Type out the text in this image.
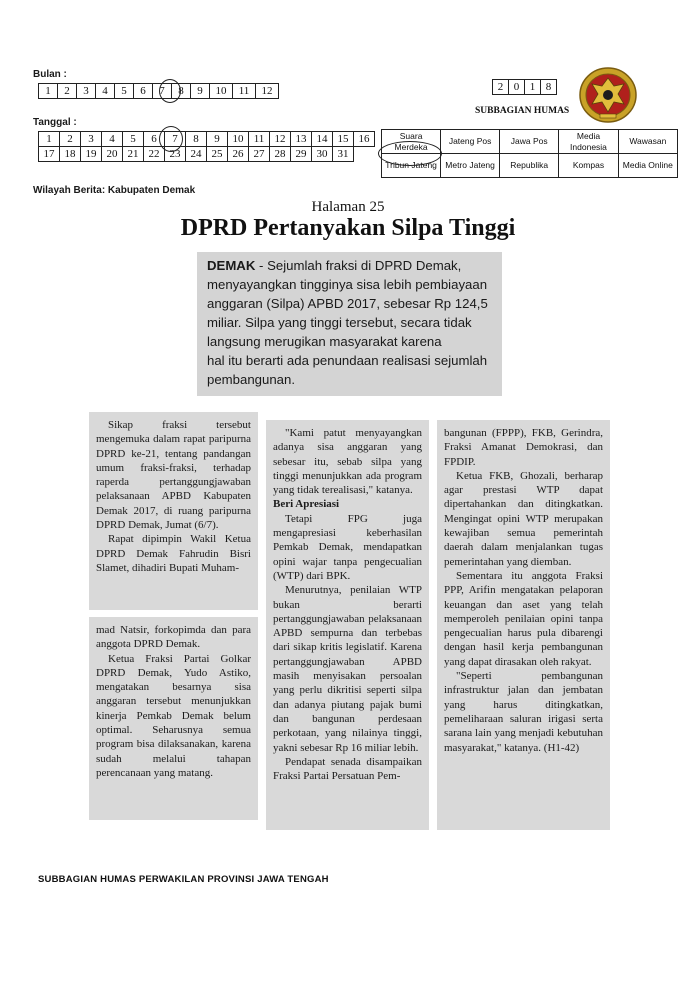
Bulan :
1	2	3	4	5	6	7	8	9	10	11	12
Tanggal :
1	2	3	4	5	6	7	8	9	10	11	12	13	14	15	16
17	18	19	20	21	22	23	24	25	26	27	28	29	30	31	
2	0	1	8
SUBBAGIAN HUMAS
Suara Merdeka	Jateng Pos	Jawa Pos	Media Indonesia	Wawasan
Tribun Jateng	Metro Jateng	Republika	Kompas	Media Online
Wilayah Berita: Kabupaten Demak
Halaman 25
DPRD Pertanyakan Silpa Tinggi
DEMAK - Sejumlah fraksi di DPRD Demak,
menyayangkan tingginya sisa lebih pembiayaan
anggaran (Silpa) APBD 2017, sebesar Rp 124,5
miliar. Silpa yang tinggi tersebut, secara tidak
langsung merugikan masyarakat karena
hal itu berarti ada penundaan realisasi sejumlah
pembangunan.

Sikap fraksi tersebut mengemuka dalam rapat paripurna DPRD ke-21, tentang pandangan umum fraksi-fraksi, terhadap raperda pertanggungjawaban pelaksanaan APBD Kabupaten Demak 2017, di ruang paripurna DPRD Demak, Jumat (6/7).

Rapat dipimpin Wakil Ketua DPRD Demak Fahrudin Bisri Slamet, dihadiri Bupati Muham-

mad Natsir, forkopimda dan para anggota DPRD Demak.

Ketua Fraksi Partai Golkar DPRD Demak, Yudo Astiko, mengatakan besarnya sisa anggaran tersebut menunjukkan kinerja Pemkab Demak belum optimal. Seharusnya semua program bisa dilaksanakan, karena sudah melalui tahapan perencanaan yang matang.

"Kami patut menyayangkan adanya sisa anggaran yang sebesar itu, sebab silpa yang tinggi menunjukkan ada program yang tidak terealisasi," katanya.

Beri Apresiasi

Tetapi FPG juga mengapresiasi keberhasilan Pemkab Demak, mendapatkan opini wajar tanpa pengecualian (WTP) dari BPK.

Menurutnya, penilaian WTP bukan berarti pertanggungjawaban pelaksanaan APBD sempurna dan terbebas dari sikap kritis legislatif. Karena pertanggungjawaban APBD masih menyisakan persoalan yang perlu dikritisi seperti silpa dan adanya piutang pajak bumi dan bangunan perdesaan perkotaan, yang nilainya tinggi, yakni sebesar Rp 16 miliar lebih.

Pendapat senada disampaikan Fraksi Partai Persatuan Pem-

bangunan (FPPP), FKB, Gerindra, Fraksi Amanat Demokrasi, dan FPDIP.

Ketua FKB, Ghozali, berharap agar prestasi WTP dapat dipertahankan dan ditingkatkan. Mengingat opini WTP merupakan kewajiban semua pemerintah daerah dalam menjalankan tugas pemerintahan yang diemban.

Sementara itu anggota Fraksi PPP, Arifin mengatakan pelaporan keuangan dan aset yang telah memperoleh penilaian opini tanpa pengecualian harus pula dibarengi dengan hasil kerja pembangunan yang dapat dirasakan oleh rakyat.

"Seperti pembangunan infrastruktur jalan dan jembatan yang harus ditingkatkan, pemeliharaan saluran irigasi serta sarana lain yang menjadi kebutuhan masyarakat," katanya. (H1-42)

SUBBAGIAN HUMAS PERWAKILAN PROVINSI JAWA TENGAH
